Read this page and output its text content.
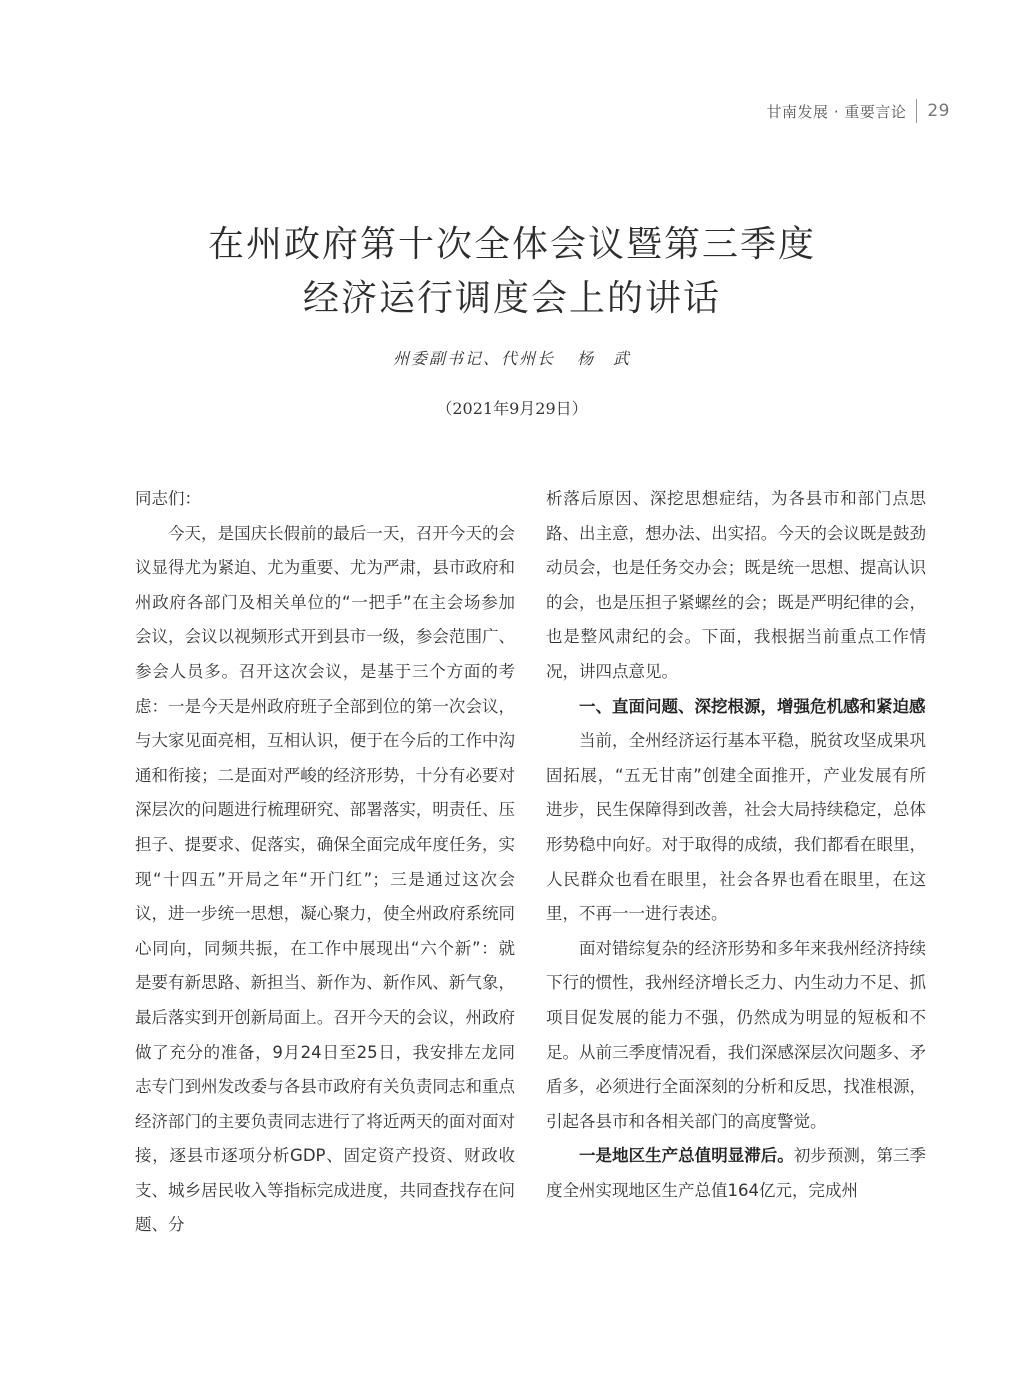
甘南发展 · 重要言论 29
在州政府第十次全体会议暨第三季度
经济运行调度会上的讲话
州委副书记、代州长 杨　武
（2021年9月29日）

同志们：

今天，是国庆长假前的最后一天，召开今天的会议显得尤为紧迫、尤为重要、尤为严肃，县市政府和州政府各部门及相关单位的“一把手”在主会场参加会议，会议以视频形式开到县市一级，参会范围广、参会人员多。召开这次会议，是基于三个方面的考虑：一是今天是州政府班子全部到位的第一次会议，与大家见面亮相，互相认识，便于在今后的工作中沟通和衔接；二是面对严峻的经济形势，十分有必要对深层次的问题进行梳理研究、部署落实，明责任、压担子、提要求、促落实，确保全面完成年度任务，实现“十四五”开局之年“开门红”；三是通过这次会议，进一步统一思想，凝心聚力，使全州政府系统同心同向，同频共振，在工作中展现出“六个新”：就是要有新思路、新担当、新作为、新作风、新气象，最后落实到开创新局面上。召开今天的会议，州政府做了充分的准备，9月24日至25日，我安排左龙同志专门到州发改委与各县市政府有关负责同志和重点经济部门的主要负责同志进行了将近两天的面对面对接，逐县市逐项分析GDP、固定资产投资、财政收支、城乡居民收入等指标完成进度，共同查找存在问题、分

析落后原因、深挖思想症结，为各县市和部门点思路、出主意，想办法、出实招。今天的会议既是鼓劲动员会，也是任务交办会；既是统一思想、提高认识的会，也是压担子紧螺丝的会；既是严明纪律的会，也是整风肃纪的会。下面，我根据当前重点工作情况，讲四点意见。

一、直面问题、深挖根源，增强危机感和紧迫感

当前，全州经济运行基本平稳，脱贫攻坚成果巩固拓展，“五无甘南”创建全面推开，产业发展有所进步，民生保障得到改善，社会大局持续稳定，总体形势稳中向好。对于取得的成绩，我们都看在眼里，人民群众也看在眼里，社会各界也看在眼里，在这里，不再一一进行表述。

面对错综复杂的经济形势和多年来我州经济持续下行的惯性，我州经济增长乏力、内生动力不足、抓项目促发展的能力不强，仍然成为明显的短板和不足。从前三季度情况看，我们深感深层次问题多、矛盾多，必须进行全面深刻的分析和反思，找准根源，引起各县市和各相关部门的高度警觉。

一是地区生产总值明显滞后。初步预测，第三季度全州实现地区生产总值164亿元，完成州
